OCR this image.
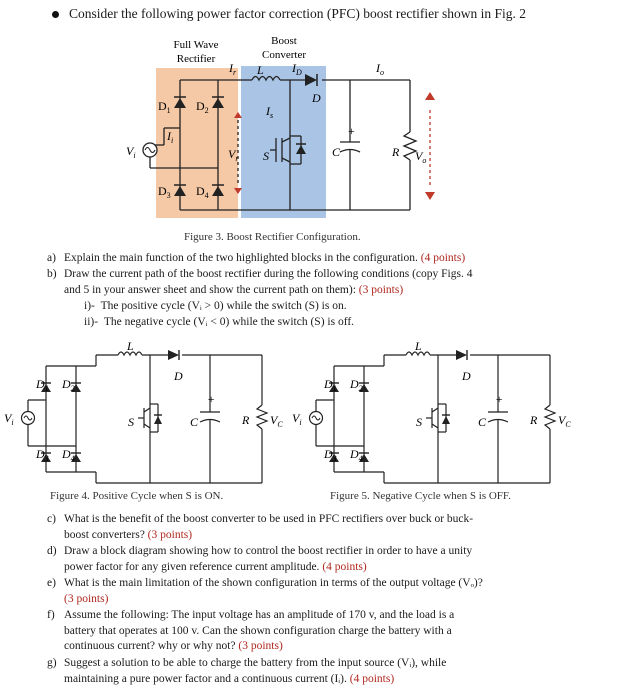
Consider the following power factor correction (PFC) boost rectifier shown in Fig. 2
Full Wave
Rectifier
Boost
Converter
$D_1$ $D_2$
$D_3$ $D_4$
$V_i$
$I_i$
$V_r$
$I_r$ L $I_D$
D
$I_s$
S	C
+
R $V_o$
$I_o$
$D_1$ $D_2$
$D_3$ $D_4$
$V_i$
L
D
S	C
+
R $V_C$
$D_1$ $D_2$
$D_3$ $D_4$
$V_i$
L
D
S	C
+
R $V_C$
Figure 3. Boost Rectifier Configuration.
a) Explain the main function of the two highlighted blocks in the configuration. (4 points)
b) Draw the current path of the boost rectifier during the following conditions (copy Figs. 4
and 5 in your answer sheet and show the current path on them): (3 points)
i)- The positive cycle (Vᵢ > 0) while the switch (S) is on.
ii)- The negative cycle (Vᵢ < 0) while the switch (S) is off.
Figure 4. Positive Cycle when S is ON.	Figure 5. Negative Cycle when S is OFF.
c) What is the benefit of the boost converter to be used in PFC rectifiers over buck or buck-
boost converters? (3 points)
d) Draw a block diagram showing how to control the boost rectifier in order to have a unity
power factor for any given reference current amplitude. (4 points)
e) What is the main limitation of the shown configuration in terms of the output voltage (Vₒ)?
(3 points)
f) Assume the following: The input voltage has an amplitude of 170 v, and the load is a
battery that operates at 100 v. Can the shown configuration charge the battery with a
continuous current? why or why not? (3 points)
g) Suggest a solution to be able to charge the battery from the input source (Vᵢ), while
maintaining a pure power factor and a continuous current (Iᵢ). (4 points)
